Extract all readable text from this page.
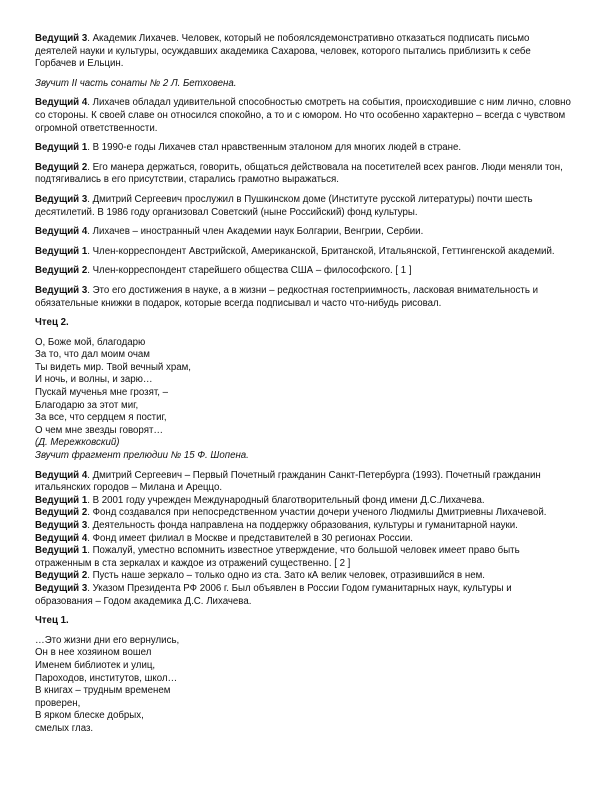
Ведущий 3. Академик Лихачев. Человек, который не побоялсядемонстративно отказаться подписать письмо деятелей науки и культуры, осуждавших академика Сахарова, человек, которого пытались приблизить к себе Горбачев и Ельцин.

Звучит II часть сонаты № 2 Л. Бетховена.

Ведущий 4. Лихачев обладал удивительной способностью смотреть на события, происходившие с ним лично, словно со стороны. К своей славе он относился спокойно, а то и с юмором. Но что особенно характерно – всегда с чувством огромной ответственности.

Ведущий 1. В 1990-е годы Лихачев стал нравственным эталоном для многих людей в стране.

Ведущий 2. Его манера держаться, говорить, общаться действовала на посетителей всех рангов. Люди меняли тон, подтягивались в его присутствии, старались грамотно выражаться.

Ведущий 3. Дмитрий Сергеевич прослужил в Пушкинском доме (Институте русской литературы) почти шесть десятилетий. В 1986 году организовал Советский (ныне Российский) фонд культуры.

Ведущий 4. Лихачев – иностранный член Академии наук Болгарии, Венгрии, Сербии.

Ведущий 1. Член-корреспондент Австрийской, Американской, Британской, Итальянской, Геттингенской академий.

Ведущий 2. Член-корреспондент старейшего общества США – философского. [ 1 ]

Ведущий 3. Это его достижения в науке, а в жизни – редкостная гостеприимность, ласковая внимательность и обязательные книжки в подарок, которые всегда подписывал и часто что-нибудь рисовал.

Чтец 2.

О, Боже мой, благодарю
За то, что дал моим очам
Ты видеть мир. Твой вечный храм,
И ночь, и волны, и зарю…
Пускай мученья мне грозят, –
Благодарю за этот миг,
За все, что сердцем я постиг,
О чем мне звезды говорят…
(Д. Мережковский)
Звучит фрагмент прелюдии № 15 Ф. Шопена.

Ведущий 4. Дмитрий Сергеевич – Первый Почетный гражданин Санкт-Петербурга (1993). Почетный гражданин итальянских городов – Милана и Ареццо.

Ведущий 1. В 2001 году учрежден Международный благотворительный фонд имени Д.С.Лихачева.

Ведущий 2. Фонд создавался при непосредственном участии дочери ученого Людмилы Дмитриевны Лихачевой.

Ведущий 3. Деятельность фонда направлена на поддержку образования, культуры и гуманитарной науки.

Ведущий 4. Фонд имеет филиал в Москве и представителей в 30 регионах России.

Ведущий 1. Пожалуй, уместно вспомнить известное утверждение, что большой человек имеет право быть отраженным в ста зеркалах и каждое из отражений существенно. [ 2 ]

Ведущий 2. Пусть наше зеркало – только одно из ста. Зато кА велик человек, отразившийся в нем.

Ведущий 3. Указом Президента РФ 2006 г. Был объявлен в России Годом гуманитарных наук, культуры и образования – Годом академика Д.С. Лихачева.

Чтец 1.

…Это жизни дни его вернулись,
Он в нее хозяином вошел
Именем библиотек и улиц,
Пароходов, институтов, школ…
В книгах – трудным временем
проверен,
В ярком блеске добрых,
смелых глаз.
